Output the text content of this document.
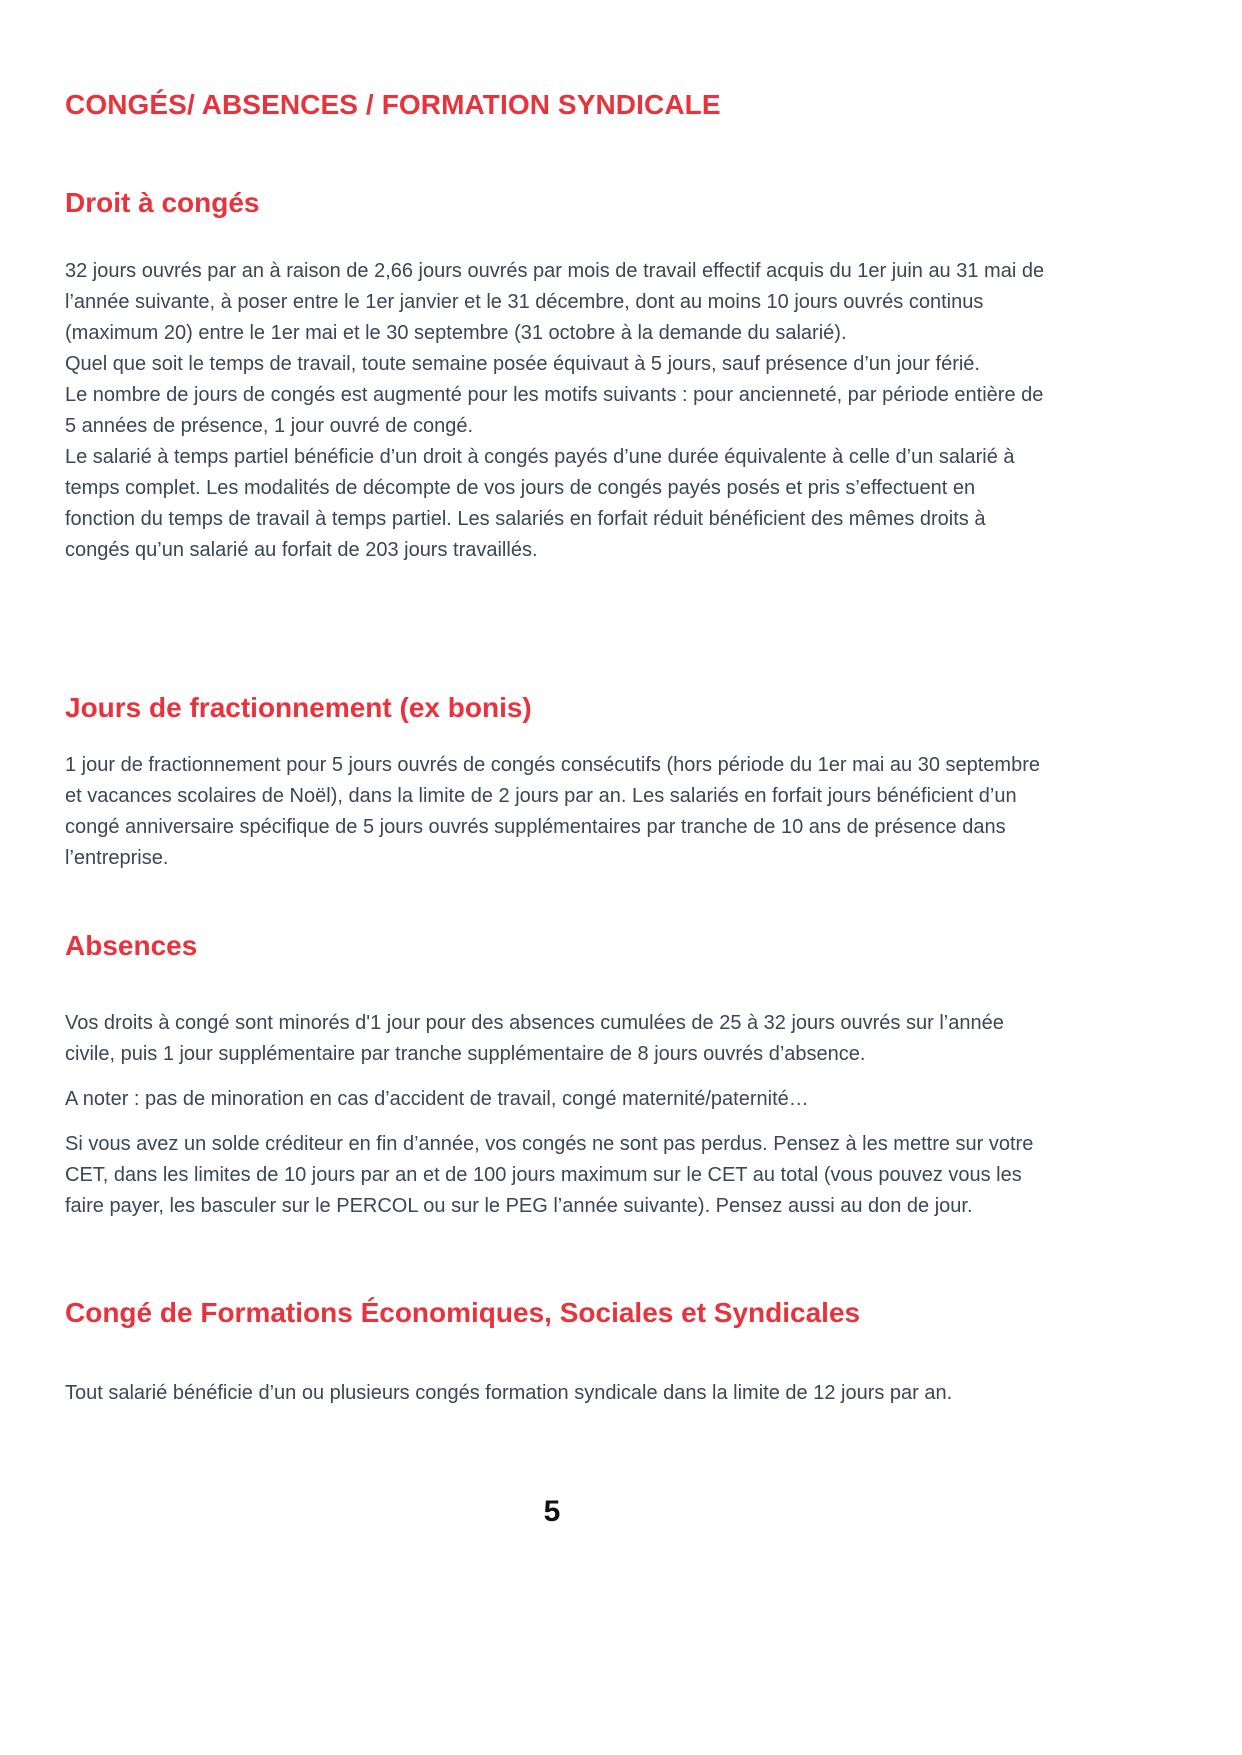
CONGÉS/ ABSENCES / FORMATION SYNDICALE
Droit à congés

32 jours ouvrés par an à raison de 2,66 jours ouvrés par mois de travail effectif acquis du 1er juin au 31 mai de l’année suivante, à poser entre le 1er janvier et le 31 décembre, dont au moins 10 jours ouvrés continus (maximum 20) entre le 1er mai et le 30 septembre (31 octobre à la demande du salarié).

Quel que soit le temps de travail, toute semaine posée équivaut à 5 jours, sauf présence d’un jour férié.

Le nombre de jours de congés est augmenté pour les motifs suivants : pour ancienneté, par période entière de 5 années de présence, 1 jour ouvré de congé.

Le salarié à temps partiel bénéficie d’un droit à congés payés d’une durée équivalente à celle d’un salarié à temps complet. Les modalités de décompte de vos jours de congés payés posés et pris s’effectuent en fonction du temps de travail à temps partiel. Les salariés en forfait réduit bénéficient des mêmes droits à congés qu’un salarié au forfait de 203 jours travaillés.

Jours de fractionnement (ex bonis)

1 jour de fractionnement pour 5 jours ouvrés de congés consécutifs (hors période du 1er mai au 30 septembre et vacances scolaires de Noël), dans la limite de 2 jours par an. Les salariés en forfait jours bénéficient d’un congé anniversaire spécifique de 5 jours ouvrés supplémentaires par tranche de 10 ans de présence dans l’entreprise.

Absences

Vos droits à congé sont minorés d'1 jour pour des absences cumulées de 25 à 32 jours ouvrés sur l’année civile, puis 1 jour supplémentaire par tranche supplémentaire de 8 jours ouvrés d’absence.

A noter : pas de minoration en cas d’accident de travail, congé maternité/paternité…

Si vous avez un solde créditeur en fin d’année, vos congés ne sont pas perdus. Pensez à les mettre sur votre CET, dans les limites de 10 jours par an et de 100 jours maximum sur le CET au total (vous pouvez vous les faire payer, les basculer sur le PERCOL ou sur le PEG l’année suivante). Pensez aussi au don de jour.

Congé de Formations Économiques, Sociales et Syndicales

Tout salarié bénéficie d’un ou plusieurs congés formation syndicale dans la limite de 12 jours par an.

5
